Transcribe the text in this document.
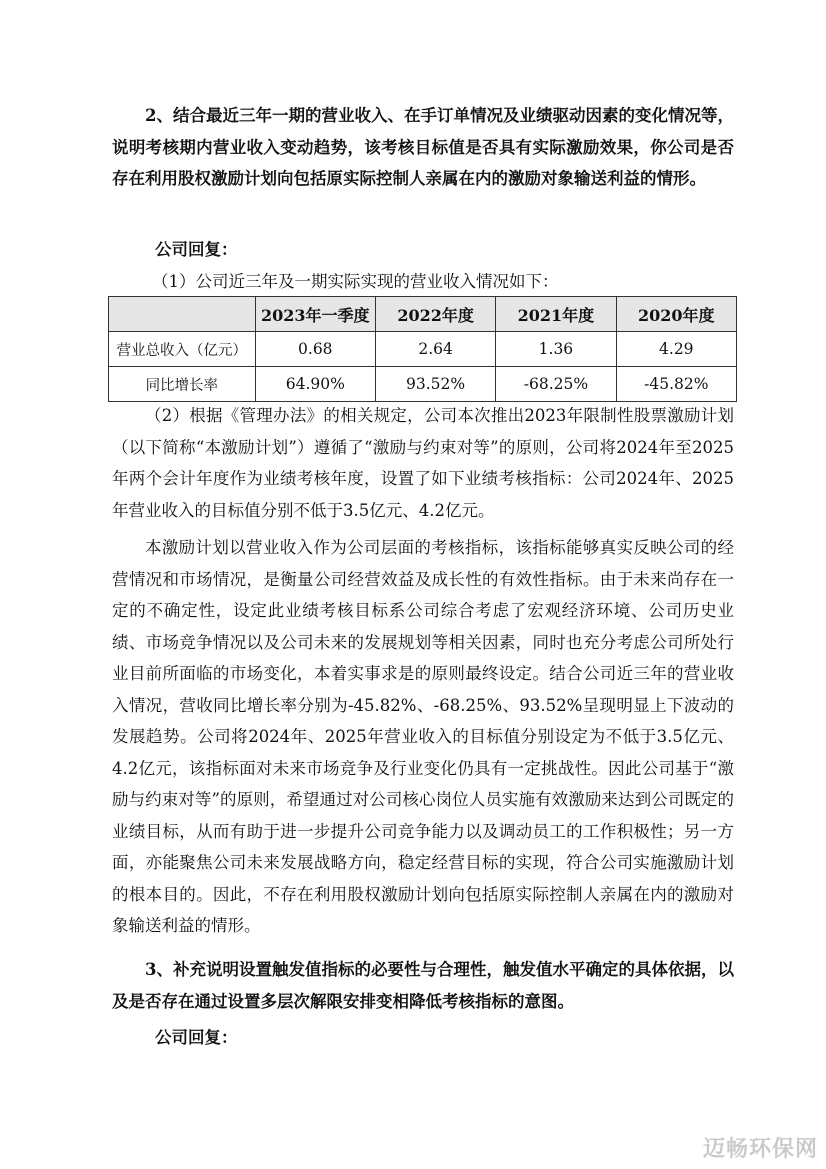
2、结合最近三年一期的营业收入、在手订单情况及业绩驱动因素的变化情况等，说明考核期内营业收入变动趋势，该考核目标值是否具有实际激励效果，你公司是否存在利用股权激励计划向包括原实际控制人亲属在内的激励对象输送利益的情形。

公司回复：

（1）公司近三年及一期实际实现的营业收入情况如下：

	2023年一季度	2022年度	2021年度	2020年度
营业总收入（亿元）	0.68	2.64	1.36	4.29
同比增长率	64.90%	93.52%	-68.25%	-45.82%

（2）根据《管理办法》的相关规定，公司本次推出2023年限制性股票激励计划（以下简称“本激励计划”）遵循了“激励与约束对等”的原则，公司将2024年至2025年两个会计年度作为业绩考核年度，设置了如下业绩考核指标：公司2024年、2025年营业收入的目标值分别不低于3.5亿元、4.2亿元。

本激励计划以营业收入作为公司层面的考核指标，该指标能够真实反映公司的经营情况和市场情况，是衡量公司经营效益及成长性的有效性指标。由于未来尚存在一定的不确定性，设定此业绩考核目标系公司综合考虑了宏观经济环境、公司历史业绩、市场竞争情况以及公司未来的发展规划等相关因素，同时也充分考虑公司所处行业目前所面临的市场变化，本着实事求是的原则最终设定。结合公司近三年的营业收入情况，营收同比增长率分别为-45.82%、-68.25%、93.52%呈现明显上下波动的发展趋势。公司将2024年、2025年营业收入的目标值分别设定为不低于3.5亿元、4.2亿元，该指标面对未来市场竞争及行业变化仍具有一定挑战性。因此公司基于“激励与约束对等”的原则，希望通过对公司核心岗位人员实施有效激励来达到公司既定的业绩目标，从而有助于进一步提升公司竞争能力以及调动员工的工作积极性；另一方面，亦能聚焦公司未来发展战略方向，稳定经营目标的实现，符合公司实施激励计划的根本目的。因此，不存在利用股权激励计划向包括原实际控制人亲属在内的激励对象输送利益的情形。

3、补充说明设置触发值指标的必要性与合理性，触发值水平确定的具体依据，以及是否存在通过设置多层次解限安排变相降低考核指标的意图。

公司回复：

迈畅环保网
